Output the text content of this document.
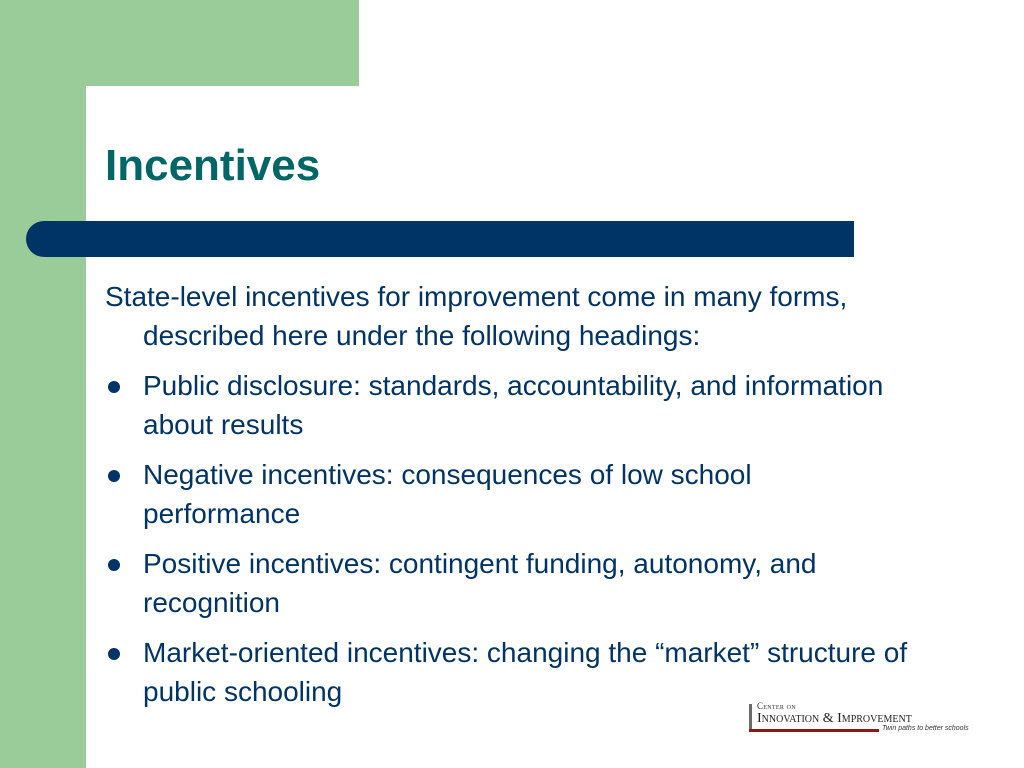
Incentives

State-level incentives for improvement come in many forms, described here under the following headings:

Public disclosure: standards, accountability, and information about results
Negative incentives: consequences of low school performance
Positive incentives: contingent funding, autonomy, and recognition
Market-oriented incentives: changing the “market” structure of public schooling	Center on
Innovation & Improvement
Twin paths to better schools
